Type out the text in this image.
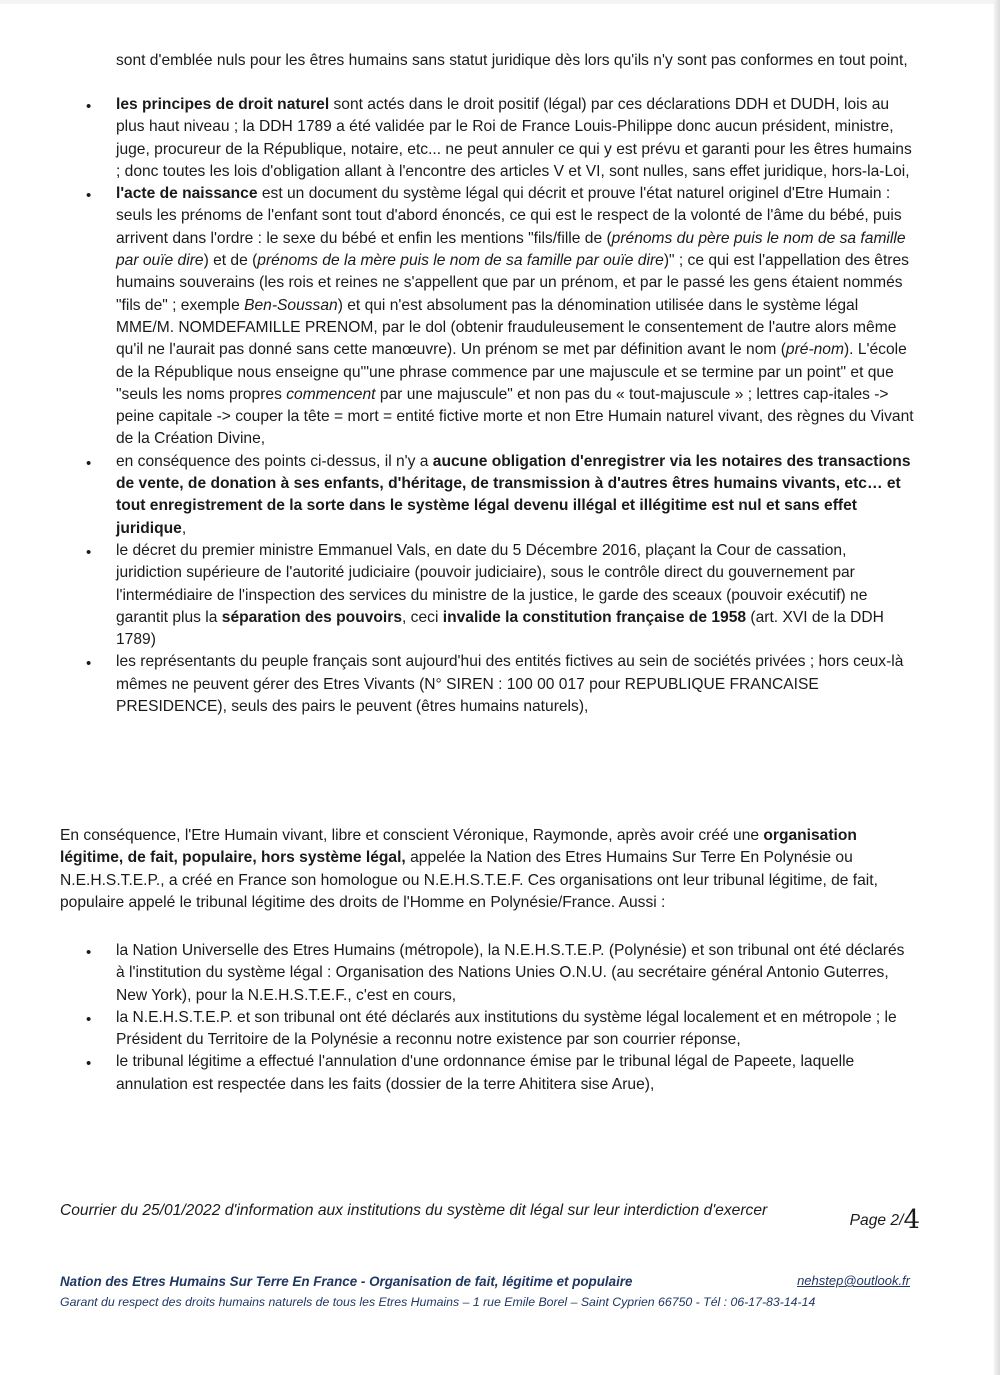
sont d'emblée nuls pour les êtres humains sans statut juridique dès lors qu'ils n'y sont pas conformes en tout point,

• les principes de droit naturel sont actés dans le droit positif (légal) par ces déclarations DDH et DUDH, lois au plus haut niveau ; la DDH 1789 a été validée par le Roi de France Louis-Philippe donc aucun président, ministre, juge, procureur de la République, notaire, etc... ne peut annuler ce qui y est prévu et garanti pour les êtres humains ; donc toutes les lois d'obligation allant à l'encontre des articles V et VI, sont nulles, sans effet juridique, hors-la-Loi,
• l'acte de naissance est un document du système légal qui décrit et prouve l'état naturel originel d'Etre Humain : seuls les prénoms de l'enfant sont tout d'abord énoncés, ce qui est le respect de la volonté de l'âme du bébé, puis arrivent dans l'ordre : le sexe du bébé et enfin les mentions "fils/fille de (prénoms du père puis le nom de sa famille par ouïe dire) et de (prénoms de la mère puis le nom de sa famille par ouïe dire)" ; ce qui est l'appellation des êtres humains souverains (les rois et reines ne s'appellent que par un prénom, et par le passé les gens étaient nommés "fils de" ; exemple Ben-Soussan) et qui n'est absolument pas la dénomination utilisée dans le système légal MME/M. NOMDEFAMILLE PRENOM, par le dol (obtenir frauduleusement le consentement de l'autre alors même qu'il ne l'aurait pas donné sans cette manœuvre). Un prénom se met par définition avant le nom (pré-nom). L'école de la République nous enseigne qu'"une phrase commence par une majuscule et se termine par un point" et que "seuls les noms propres commencent par une majuscule" et non pas du « tout-majuscule » ; lettres cap-itales -> peine capitale -> couper la tête = mort = entité fictive morte et non Etre Humain naturel vivant, des règnes du Vivant de la Création Divine,
• en conséquence des points ci-dessus, il n'y a aucune obligation d'enregistrer via les notaires des transactions de vente, de donation à ses enfants, d'héritage, de transmission à d'autres êtres humains vivants, etc… et tout enregistrement de la sorte dans le système légal devenu illégal et illégitime est nul et sans effet juridique,
• le décret du premier ministre Emmanuel Vals, en date du 5 Décembre 2016, plaçant la Cour de cassation, juridiction supérieure de l'autorité judiciaire (pouvoir judiciaire), sous le contrôle direct du gouvernement par l'intermédiaire de l'inspection des services du ministre de la justice, le garde des sceaux (pouvoir exécutif) ne garantit plus la séparation des pouvoirs, ceci invalide la constitution française de 1958 (art. XVI de la DDH 1789)
• les représentants du peuple français sont aujourd'hui des entités fictives au sein de sociétés privées ; hors ceux-là mêmes ne peuvent gérer des Etres Vivants (N° SIREN : 100 00 017 pour REPUBLIQUE FRANCAISE PRESIDENCE), seuls des pairs le peuvent (êtres humains naturels),

En conséquence, l'Etre Humain vivant, libre et conscient Véronique, Raymonde, après avoir créé une organisation légitime, de fait, populaire, hors système légal, appelée la Nation des Etres Humains Sur Terre En Polynésie ou N.E.H.S.T.E.P., a créé en France son homologue ou N.E.H.S.T.E.F. Ces organisations ont leur tribunal légitime, de fait, populaire appelé le tribunal légitime des droits de l'Homme en Polynésie/France. Aussi :

• la Nation Universelle des Etres Humains (métropole), la N.E.H.S.T.E.P. (Polynésie) et son tribunal ont été déclarés à l'institution du système légal : Organisation des Nations Unies O.N.U. (au secrétaire général Antonio Guterres, New York), pour la N.E.H.S.T.E.F., c'est en cours,
• la N.E.H.S.T.E.P. et son tribunal ont été déclarés aux institutions du système légal localement et en métropole ; le Président du Territoire de la Polynésie a reconnu notre existence par son courrier réponse,
• le tribunal légitime a effectué l'annulation d'une ordonnance émise par le tribunal légal de Papeete, laquelle annulation est respectée dans les faits (dossier de la terre Ahititera sise Arue),
Courrier du 25/01/2022 d'information aux institutions du système dit légal sur leur interdiction d'exercer
Page 2/4
Nation des Etres Humains Sur Terre En France - Organisation de fait, légitime et populaire	nehstep@outlook.fr
Garant du respect des droits humains naturels de tous les Etres Humains – 1 rue Emile Borel – Saint Cyprien 66750 - Tél : 06-17-83-14-14
